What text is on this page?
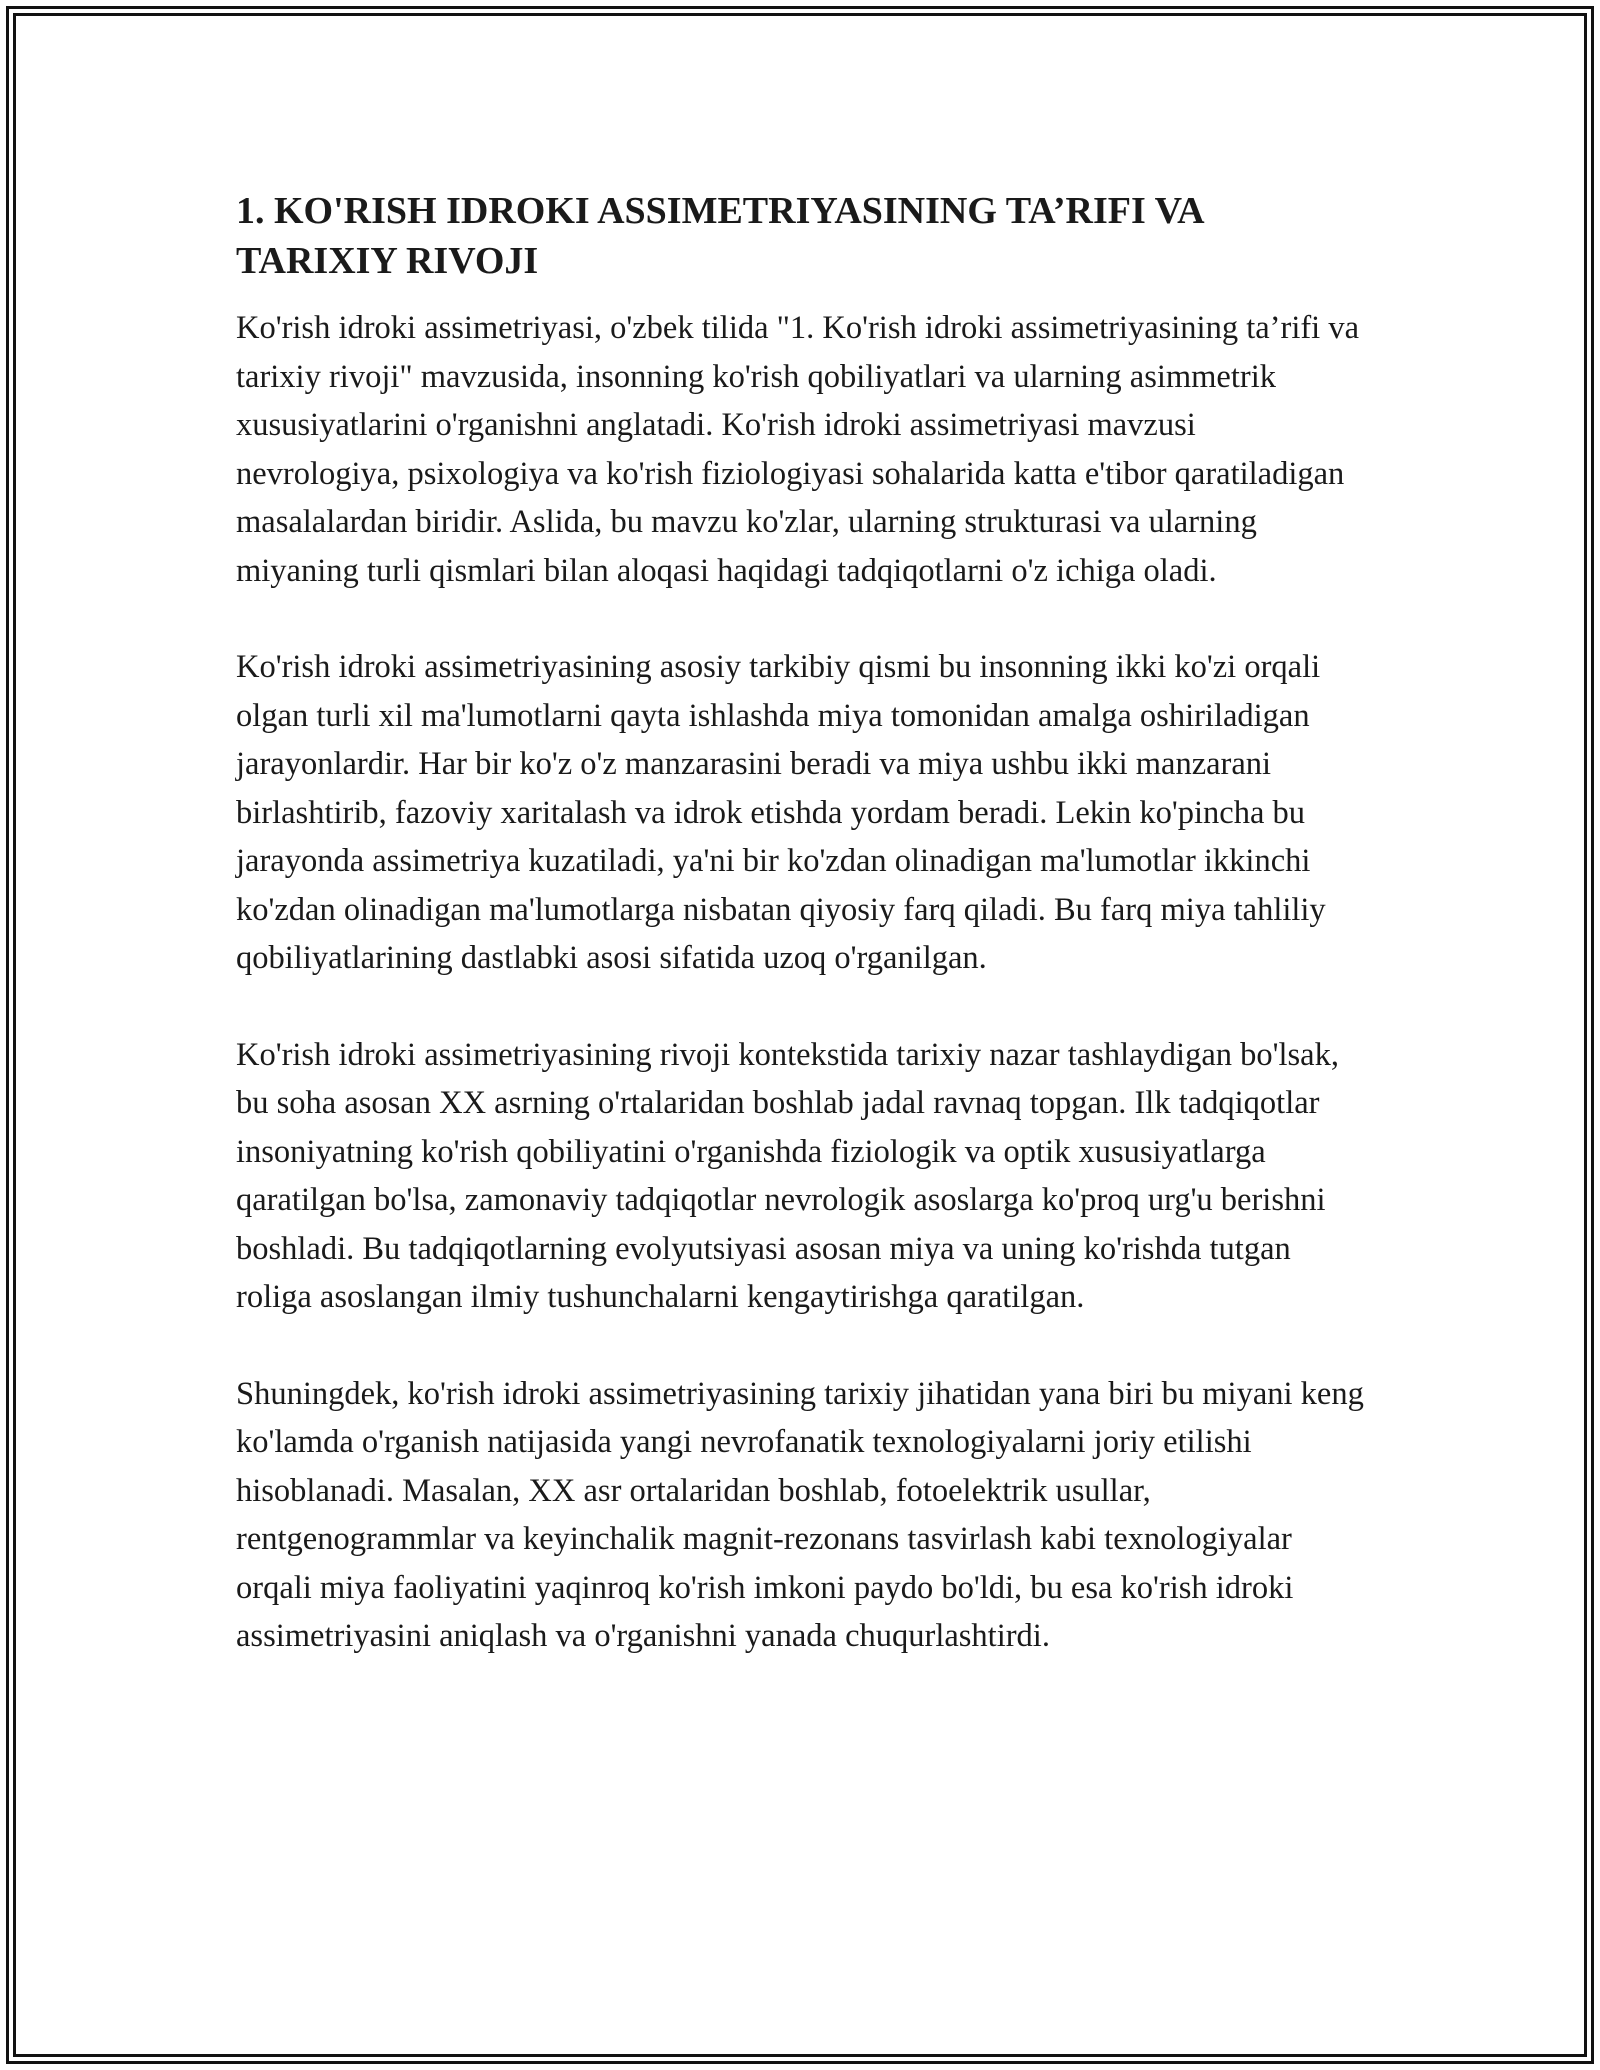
1. KO'RISH IDROKI ASSIMETRIYASINING TA’RIFI VA TARIXIY RIVOJI

Ko'rish idroki assimetriyasi, o'zbek tilida "1. Ko'rish idroki assimetriyasining ta’rifi va tarixiy rivoji" mavzusida, insonning ko'rish qobiliyatlari va ularning asimmetrik xususiyatlarini o'rganishni anglatadi. Ko'rish idroki assimetriyasi mavzusi nevrologiya, psixologiya va ko'rish fiziologiyasi sohalarida katta e'tibor qaratiladigan masalalardan biridir. Aslida, bu mavzu ko'zlar, ularning strukturasi va ularning miyaning turli qismlari bilan aloqasi haqidagi tadqiqotlarni o'z ichiga oladi.

Ko'rish idroki assimetriyasining asosiy tarkibiy qismi bu insonning ikki ko'zi orqali olgan turli xil ma'lumotlarni qayta ishlashda miya tomonidan amalga oshiriladigan jarayonlardir. Har bir ko'z o'z manzarasini beradi va miya ushbu ikki manzarani birlashtirib, fazoviy xaritalash va idrok etishda yordam beradi. Lekin ko'pincha bu jarayonda assimetriya kuzatiladi, ya'ni bir ko'zdan olinadigan ma'lumotlar ikkinchi ko'zdan olinadigan ma'lumotlarga nisbatan qiyosiy farq qiladi. Bu farq miya tahliliy qobiliyatlarining dastlabki asosi sifatida uzoq o'rganilgan.

Ko'rish idroki assimetriyasining rivoji kontekstida tarixiy nazar tashlaydigan bo'lsak, bu soha asosan XX asrning o'rtalaridan boshlab jadal ravnaq topgan. Ilk tadqiqotlar insoniyatning ko'rish qobiliyatini o'rganishda fiziologik va optik xususiyatlarga qaratilgan bo'lsa, zamonaviy tadqiqotlar nevrologik asoslarga ko'proq urg'u berishni boshladi. Bu tadqiqotlarning evolyutsiyasi asosan miya va uning ko'rishda tutgan roliga asoslangan ilmiy tushunchalarni kengaytirishga qaratilgan.

Shuningdek, ko'rish idroki assimetriyasining tarixiy jihatidan yana biri bu miyani keng ko'lamda o'rganish natijasida yangi nevrofanatik texnologiyalarni joriy etilishi hisoblanadi. Masalan, XX asr ortalaridan boshlab, fotoelektrik usullar, rentgenogrammlar va keyinchalik magnit-rezonans tasvirlash kabi texnologiyalar orqali miya faoliyatini yaqinroq ko'rish imkoni paydo bo'ldi, bu esa ko'rish idroki assimetriyasini aniqlash va o'rganishni yanada chuqurlashtirdi.
